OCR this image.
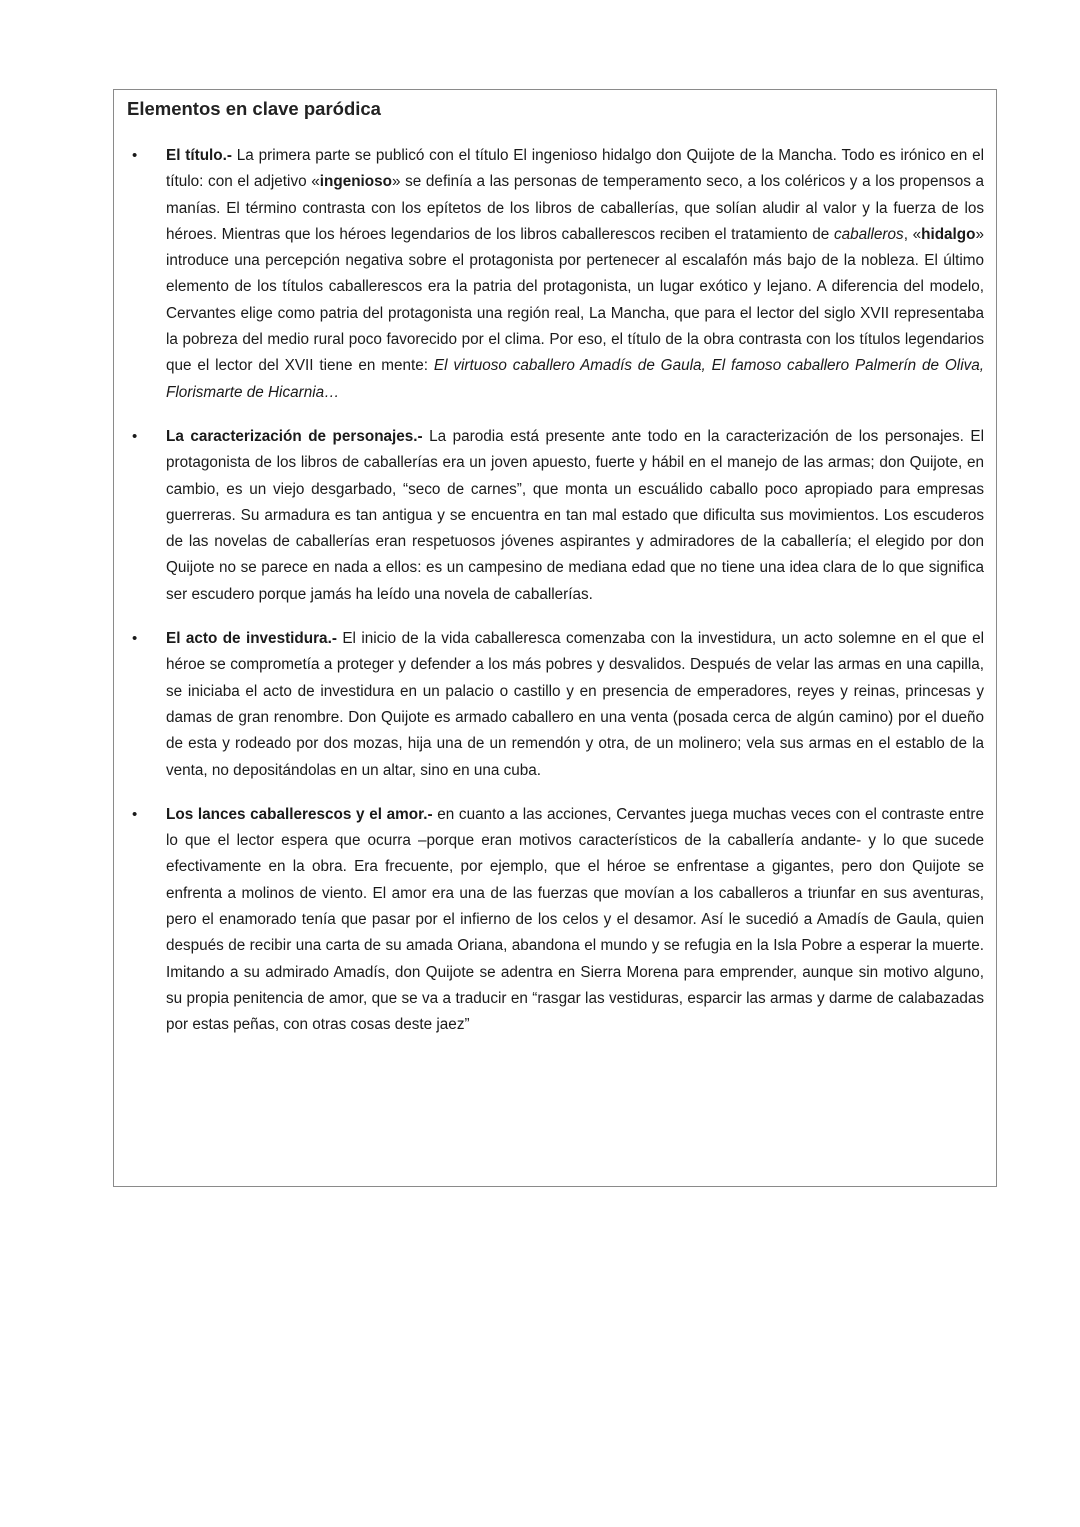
Elementos en clave paródica
• El título.- La primera parte se publicó con el título El ingenioso hidalgo don Quijote de la Mancha. Todo es irónico en el título: con el adjetivo «ingenioso» se definía a las personas de temperamento seco, a los coléricos y a los propensos a manías. El término contrasta con los epítetos de los libros de caballerías, que solían aludir al valor y la fuerza de los héroes. Mientras que los héroes legendarios de los libros caballerescos reciben el tratamiento de caballeros, «hidalgo» introduce una percepción negativa sobre el protagonista por pertenecer al escalafón más bajo de la nobleza. El último elemento de los títulos caballerescos era la patria del protagonista, un lugar exótico y lejano. A diferencia del modelo, Cervantes elige como patria del protagonista una región real, La Mancha, que para el lector del siglo XVII representaba la pobreza del medio rural poco favorecido por el clima. Por eso, el título de la obra contrasta con los títulos legendarios que el lector del XVII tiene en mente: El virtuoso caballero Amadís de Gaula, El famoso caballero Palmerín de Oliva, Florismarte de Hicarnia…
• La caracterización de personajes.- La parodia está presente ante todo en la caracterización de los personajes. El protagonista de los libros de caballerías era un joven apuesto, fuerte y hábil en el manejo de las armas; don Quijote, en cambio, es un viejo desgarbado, “seco de carnes”, que monta un escuálido caballo poco apropiado para empresas guerreras. Su armadura es tan antigua y se encuentra en tan mal estado que dificulta sus movimientos. Los escuderos de las novelas de caballerías eran respetuosos jóvenes aspirantes y admiradores de la caballería; el elegido por don Quijote no se parece en nada a ellos: es un campesino de mediana edad que no tiene una idea clara de lo que significa ser escudero porque jamás ha leído una novela de caballerías.
• El acto de investidura.- El inicio de la vida caballeresca comenzaba con la investidura, un acto solemne en el que el héroe se comprometía a proteger y defender a los más pobres y desvalidos. Después de velar las armas en una capilla, se iniciaba el acto de investidura en un palacio o castillo y en presencia de emperadores, reyes y reinas, princesas y damas de gran renombre. Don Quijote es armado caballero en una venta (posada cerca de algún camino) por el dueño de esta y rodeado por dos mozas, hija una de un remendón y otra, de un molinero; vela sus armas en el establo de la venta, no depositándolas en un altar, sino en una cuba.
• Los lances caballerescos y el amor.- en cuanto a las acciones, Cervantes juega muchas veces con el contraste entre lo que el lector espera que ocurra –porque eran motivos característicos de la caballería andante- y lo que sucede efectivamente en la obra. Era frecuente, por ejemplo, que el héroe se enfrentase a gigantes, pero don Quijote se enfrenta a molinos de viento. El amor era una de las fuerzas que movían a los caballeros a triunfar en sus aventuras, pero el enamorado tenía que pasar por el infierno de los celos y el desamor. Así le sucedió a Amadís de Gaula, quien después de recibir una carta de su amada Oriana, abandona el mundo y se refugia en la Isla Pobre a esperar la muerte. Imitando a su admirado Amadís, don Quijote se adentra en Sierra Morena para emprender, aunque sin motivo alguno, su propia penitencia de amor, que se va a traducir en “rasgar las vestiduras, esparcir las armas y darme de calabazadas por estas peñas, con otras cosas deste jaez”
